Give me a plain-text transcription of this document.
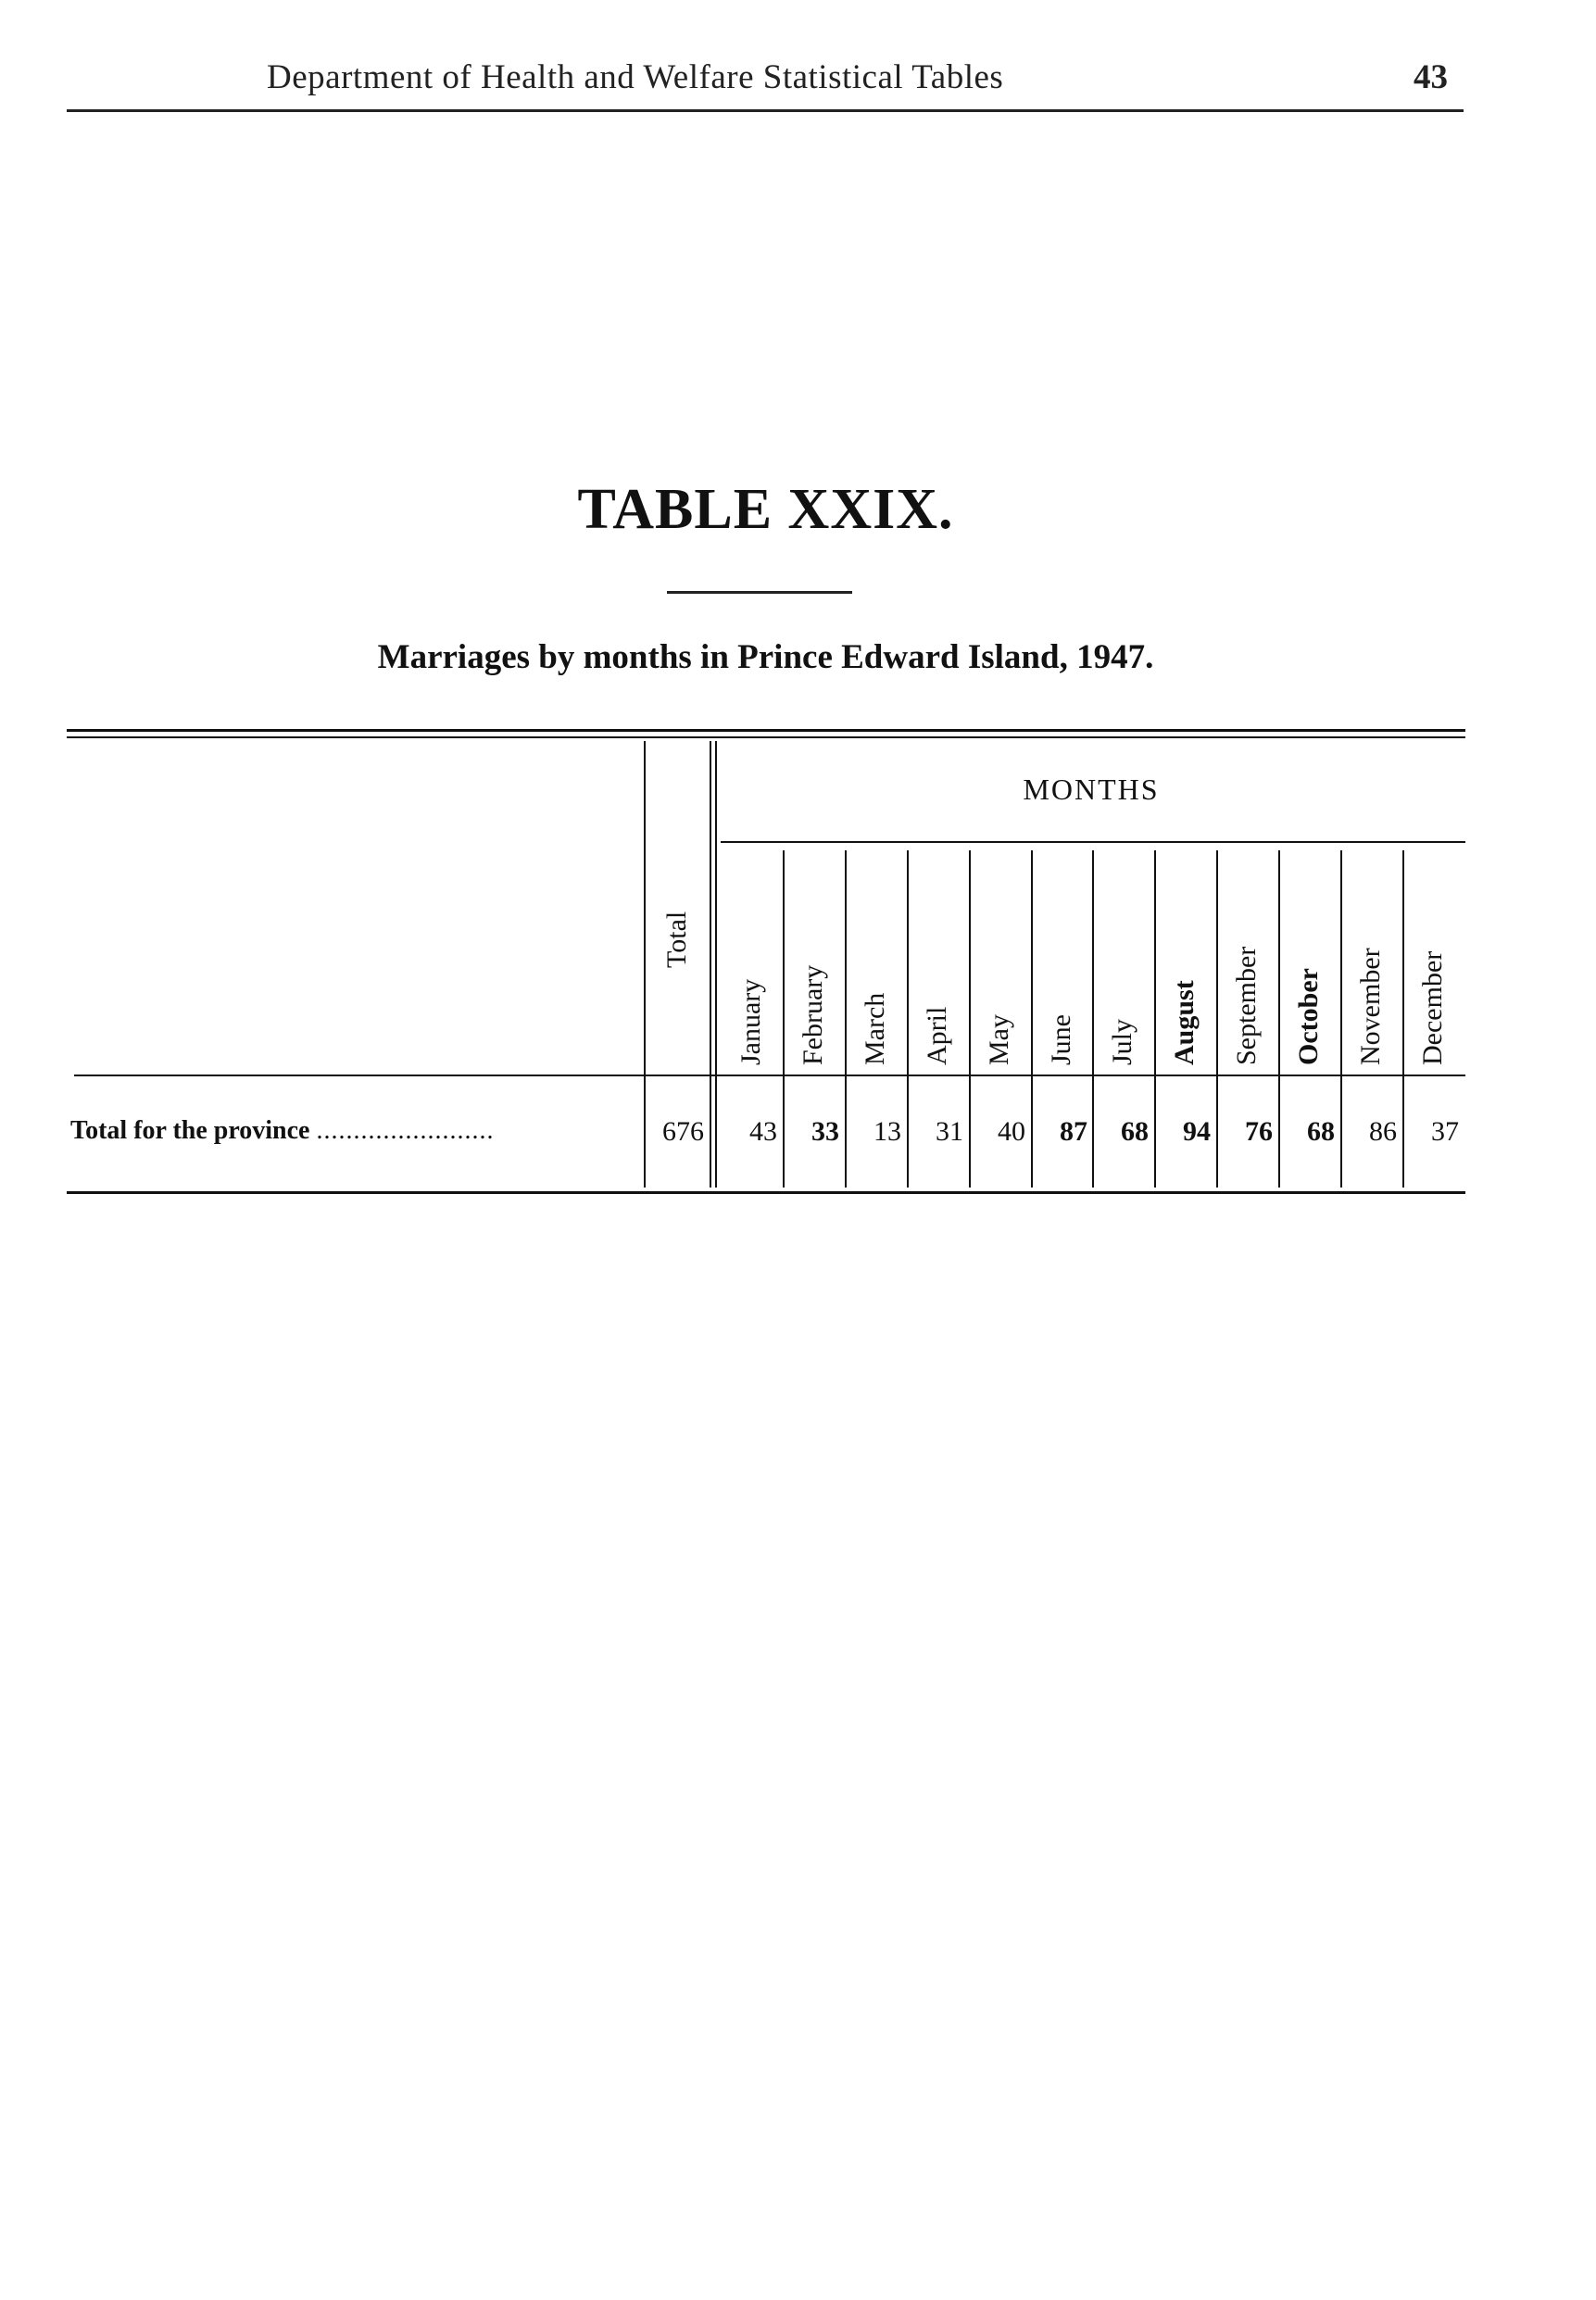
Department of Health and Welfare Statistical Tables	43
TABLE XXIX.
Marriages by months in Prince Edward Island, 1947.
MONTHS
Total
Total for the province ........................	676
January
43
February
33
March
13
April
31
May
40
June
87
July
68
August
94
September
76
October
68
November
86
December
37
